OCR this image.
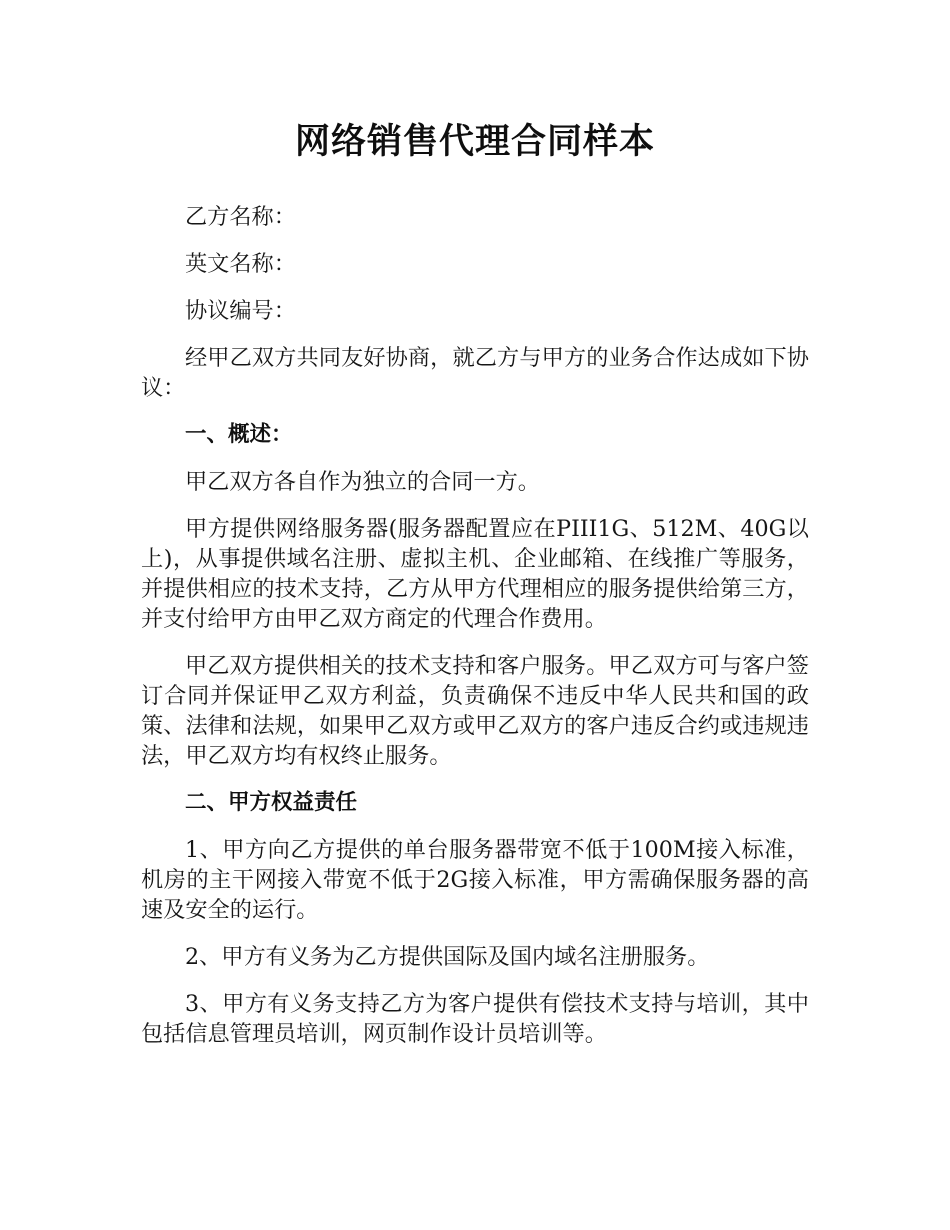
网络销售代理合同样本
乙方名称：
英文名称：
协议编号：
经甲乙双方共同友好协商，就乙方与甲方的业务合作达成如下协议：
一、概述：
甲乙双方各自作为独立的合同一方。
甲方提供网络服务器(服务器配置应在PIII1G、512M、40G以上)，从事提供域名注册、虚拟主机、企业邮箱、在线推广等服务，并提供相应的技术支持，乙方从甲方代理相应的服务提供给第三方，并支付给甲方由甲乙双方商定的代理合作费用。
甲乙双方提供相关的技术支持和客户服务。甲乙双方可与客户签订合同并保证甲乙双方利益，负责确保不违反中华人民共和国的政策、法律和法规，如果甲乙双方或甲乙双方的客户违反合约或违规违法，甲乙双方均有权终止服务。
二、甲方权益责任
1、甲方向乙方提供的单台服务器带宽不低于100M接入标准，机房的主干网接入带宽不低于2G接入标准，甲方需确保服务器的高速及安全的运行。
2、甲方有义务为乙方提供国际及国内域名注册服务。
3、甲方有义务支持乙方为客户提供有偿技术支持与培训，其中包括信息管理员培训，网页制作设计员培训等。
